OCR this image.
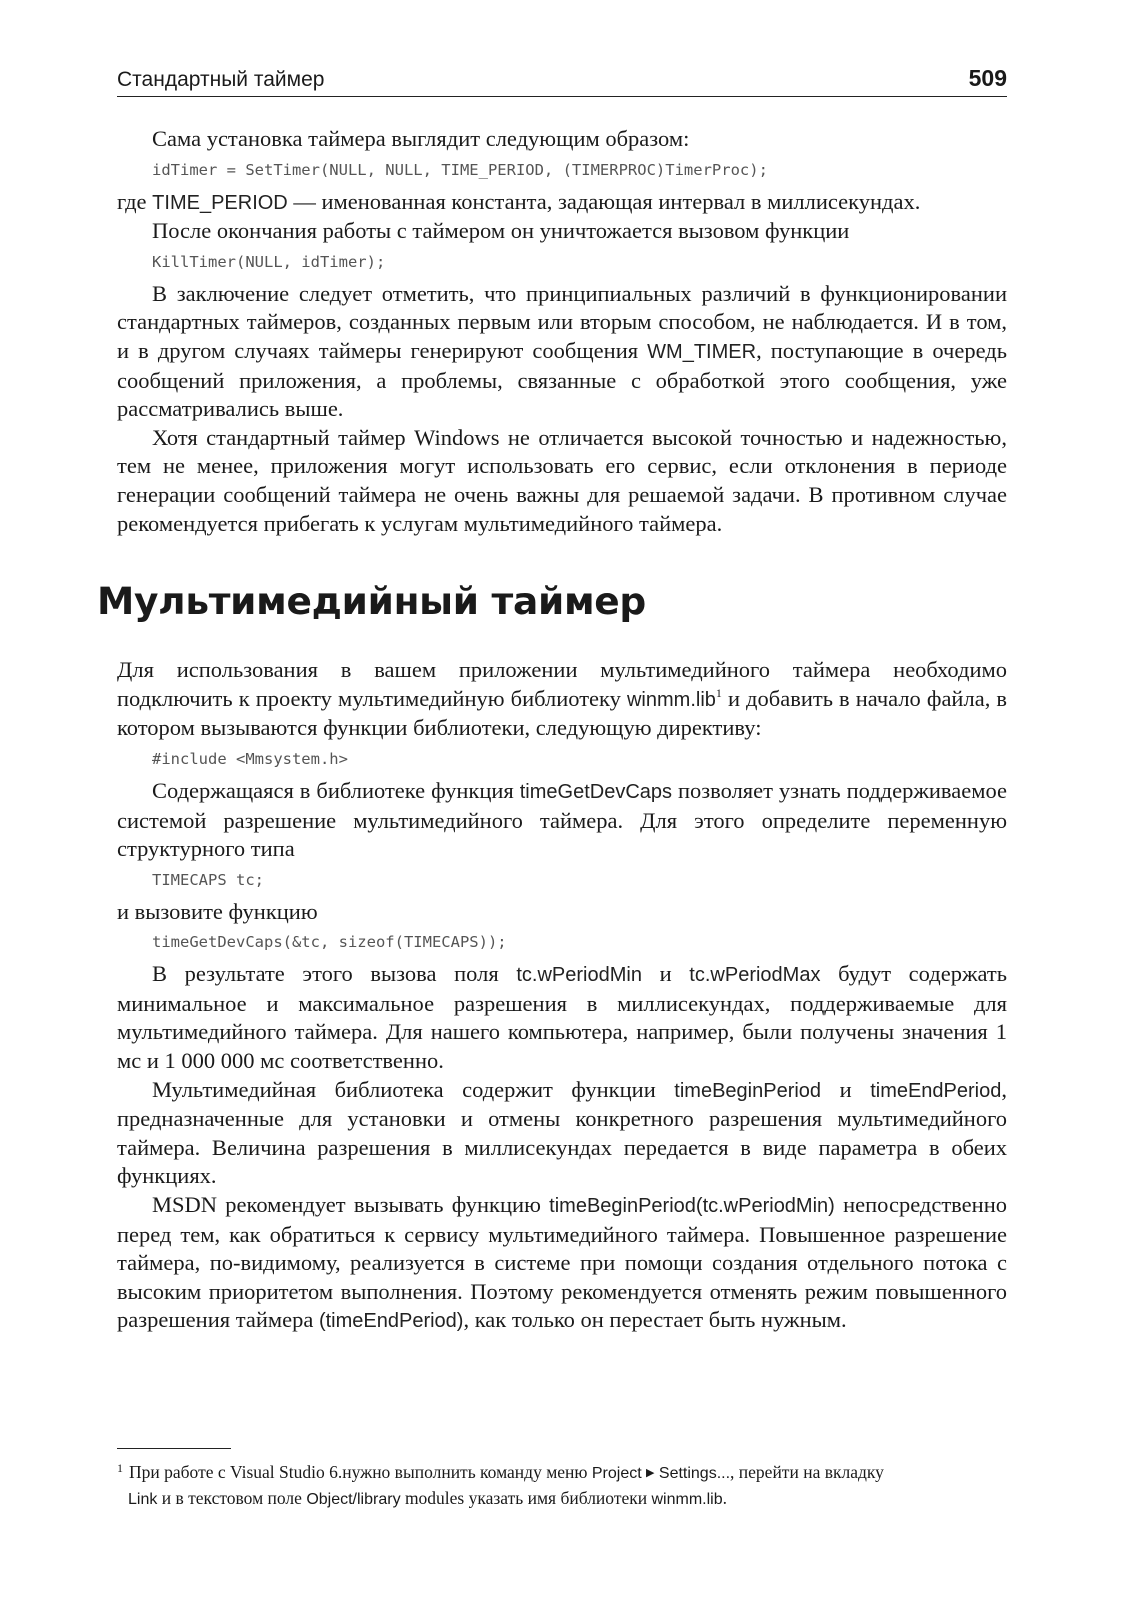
Стандартный таймер	509

Сама установка таймера выглядит следующим образом:

idTimer = SetTimer(NULL, NULL, TIME_PERIOD, (TIMERPROC)TimerProc);

где TIME_PERIOD — именованная константа, задающая интервал в миллисекундах.

После окончания работы с таймером он уничтожается вызовом функции

KillTimer(NULL, idTimer);

В заключение следует отметить, что принципиальных различий в функционировании стандартных таймеров, созданных первым или вторым способом, не наблюдается. И в том, и в другом случаях таймеры генерируют сообщения WM_TIMER, поступающие в очередь сообщений приложения, а проблемы, связанные с обработкой этого сообщения, уже рассматривались выше.

Хотя стандартный таймер Windows не отличается высокой точностью и надежностью, тем не менее, приложения могут использовать его сервис, если отклонения в периоде генерации сообщений таймера не очень важны для решаемой задачи. В противном случае рекомендуется прибегать к услугам мультимедийного таймера.

Мультимедийный таймер

Для использования в вашем приложении мультимедийного таймера необходимо подключить к проекту мультимедийную библиотеку winmm.lib$^1$ и добавить в начало файла, в котором вызываются функции библиотеки, следующую директиву:

#include <Mmsystem.h>

Содержащаяся в библиотеке функция timeGetDevCaps позволяет узнать поддерживаемое системой разрешение мультимедийного таймера. Для этого определите переменную структурного типа

TIMECAPS tc;

и вызовите функцию

timeGetDevCaps(&tc, sizeof(TIMECAPS));

В результате этого вызова поля tc.wPeriodMin и tc.wPeriodMax будут содержать минимальное и максимальное разрешения в миллисекундах, поддерживаемые для мультимедийного таймера. Для нашего компьютера, например, были получены значения 1 мс и 1 000 000 мс соответственно.

Мультимедийная библиотека содержит функции timeBeginPeriod и timeEndPeriod, предназначенные для установки и отмены конкретного разрешения мультимедийного таймера. Величина разрешения в миллисекундах передается в виде параметра в обеих функциях.

MSDN рекомендует вызывать функцию timeBeginPeriod(tc.wPeriodMin) непосредственно перед тем, как обратиться к сервису мультимедийного таймера. Повышенное разрешение таймера, по-видимому, реализуется в системе при помощи создания отдельного потока с высоким приоритетом выполнения. Поэтому рекомендуется отменять режим повышенного разрешения таймера (timeEndPeriod), как только он перестает быть нужным.

$^1$ При работе с Visual Studio 6.нужно выполнить команду меню Project ▶ Settings..., перейти на вкладку
Link и в текстовом поле Object/library modules указать имя библиотеки winmm.lib.
